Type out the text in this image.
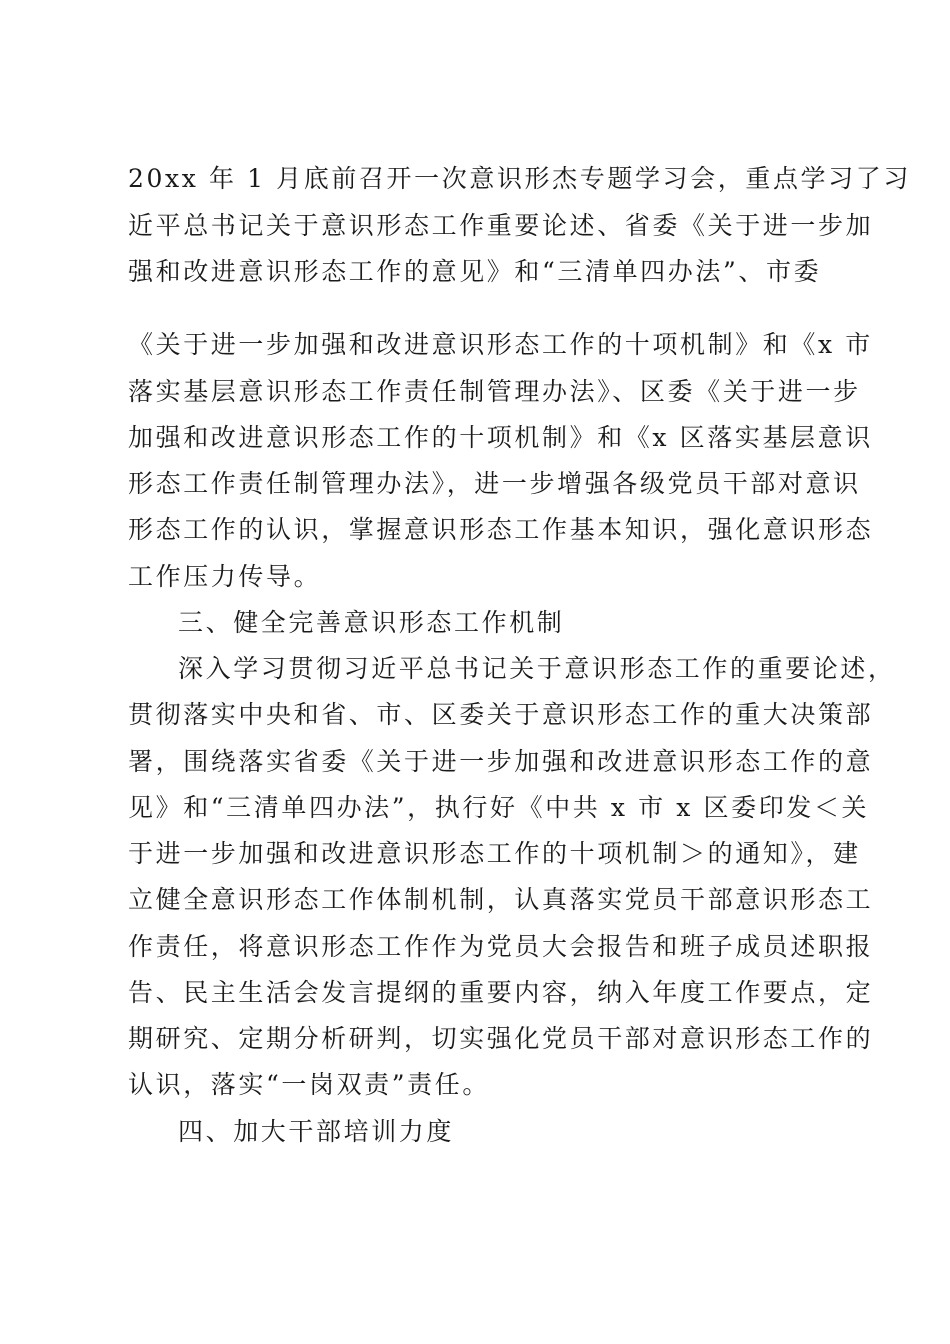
20xx 年 1 月底前召开一次意识形杰专题学习会，重点学习了习
近平总书记关于意识形态工作重要论述、省委《关于进一步加
强和改进意识形态工作的意见》和“三清单四办法”、市委
《关于进一步加强和改进意识形态工作的十项机制》和《x 市
落实基层意识形态工作责任制管理办法》、区委《关于进一步
加强和改进意识形态工作的十项机制》和《x 区落实基层意识
形态工作责任制管理办法》，进一步增强各级党员干部对意识
形态工作的认识，掌握意识形态工作基本知识，强化意识形态
工作压力传导。
三、健全完善意识形态工作机制
深入学习贯彻习近平总书记关于意识形态工作的重要论述，
贯彻落实中央和省、市、区委关于意识形态工作的重大决策部
署，围绕落实省委《关于进一步加强和改进意识形态工作的意
见》和“三清单四办法”，执行好《中共 x 市 x 区委印发＜关
于进一步加强和改进意识形态工作的十项机制＞的通知》，建
立健全意识形态工作体制机制，认真落实党员干部意识形态工
作责任，将意识形态工作作为党员大会报告和班子成员述职报
告、民主生活会发言提纲的重要内容，纳入年度工作要点，定
期研究、定期分析研判，切实强化党员干部对意识形态工作的
认识，落实“一岗双责”责任。
四、加大干部培训力度
